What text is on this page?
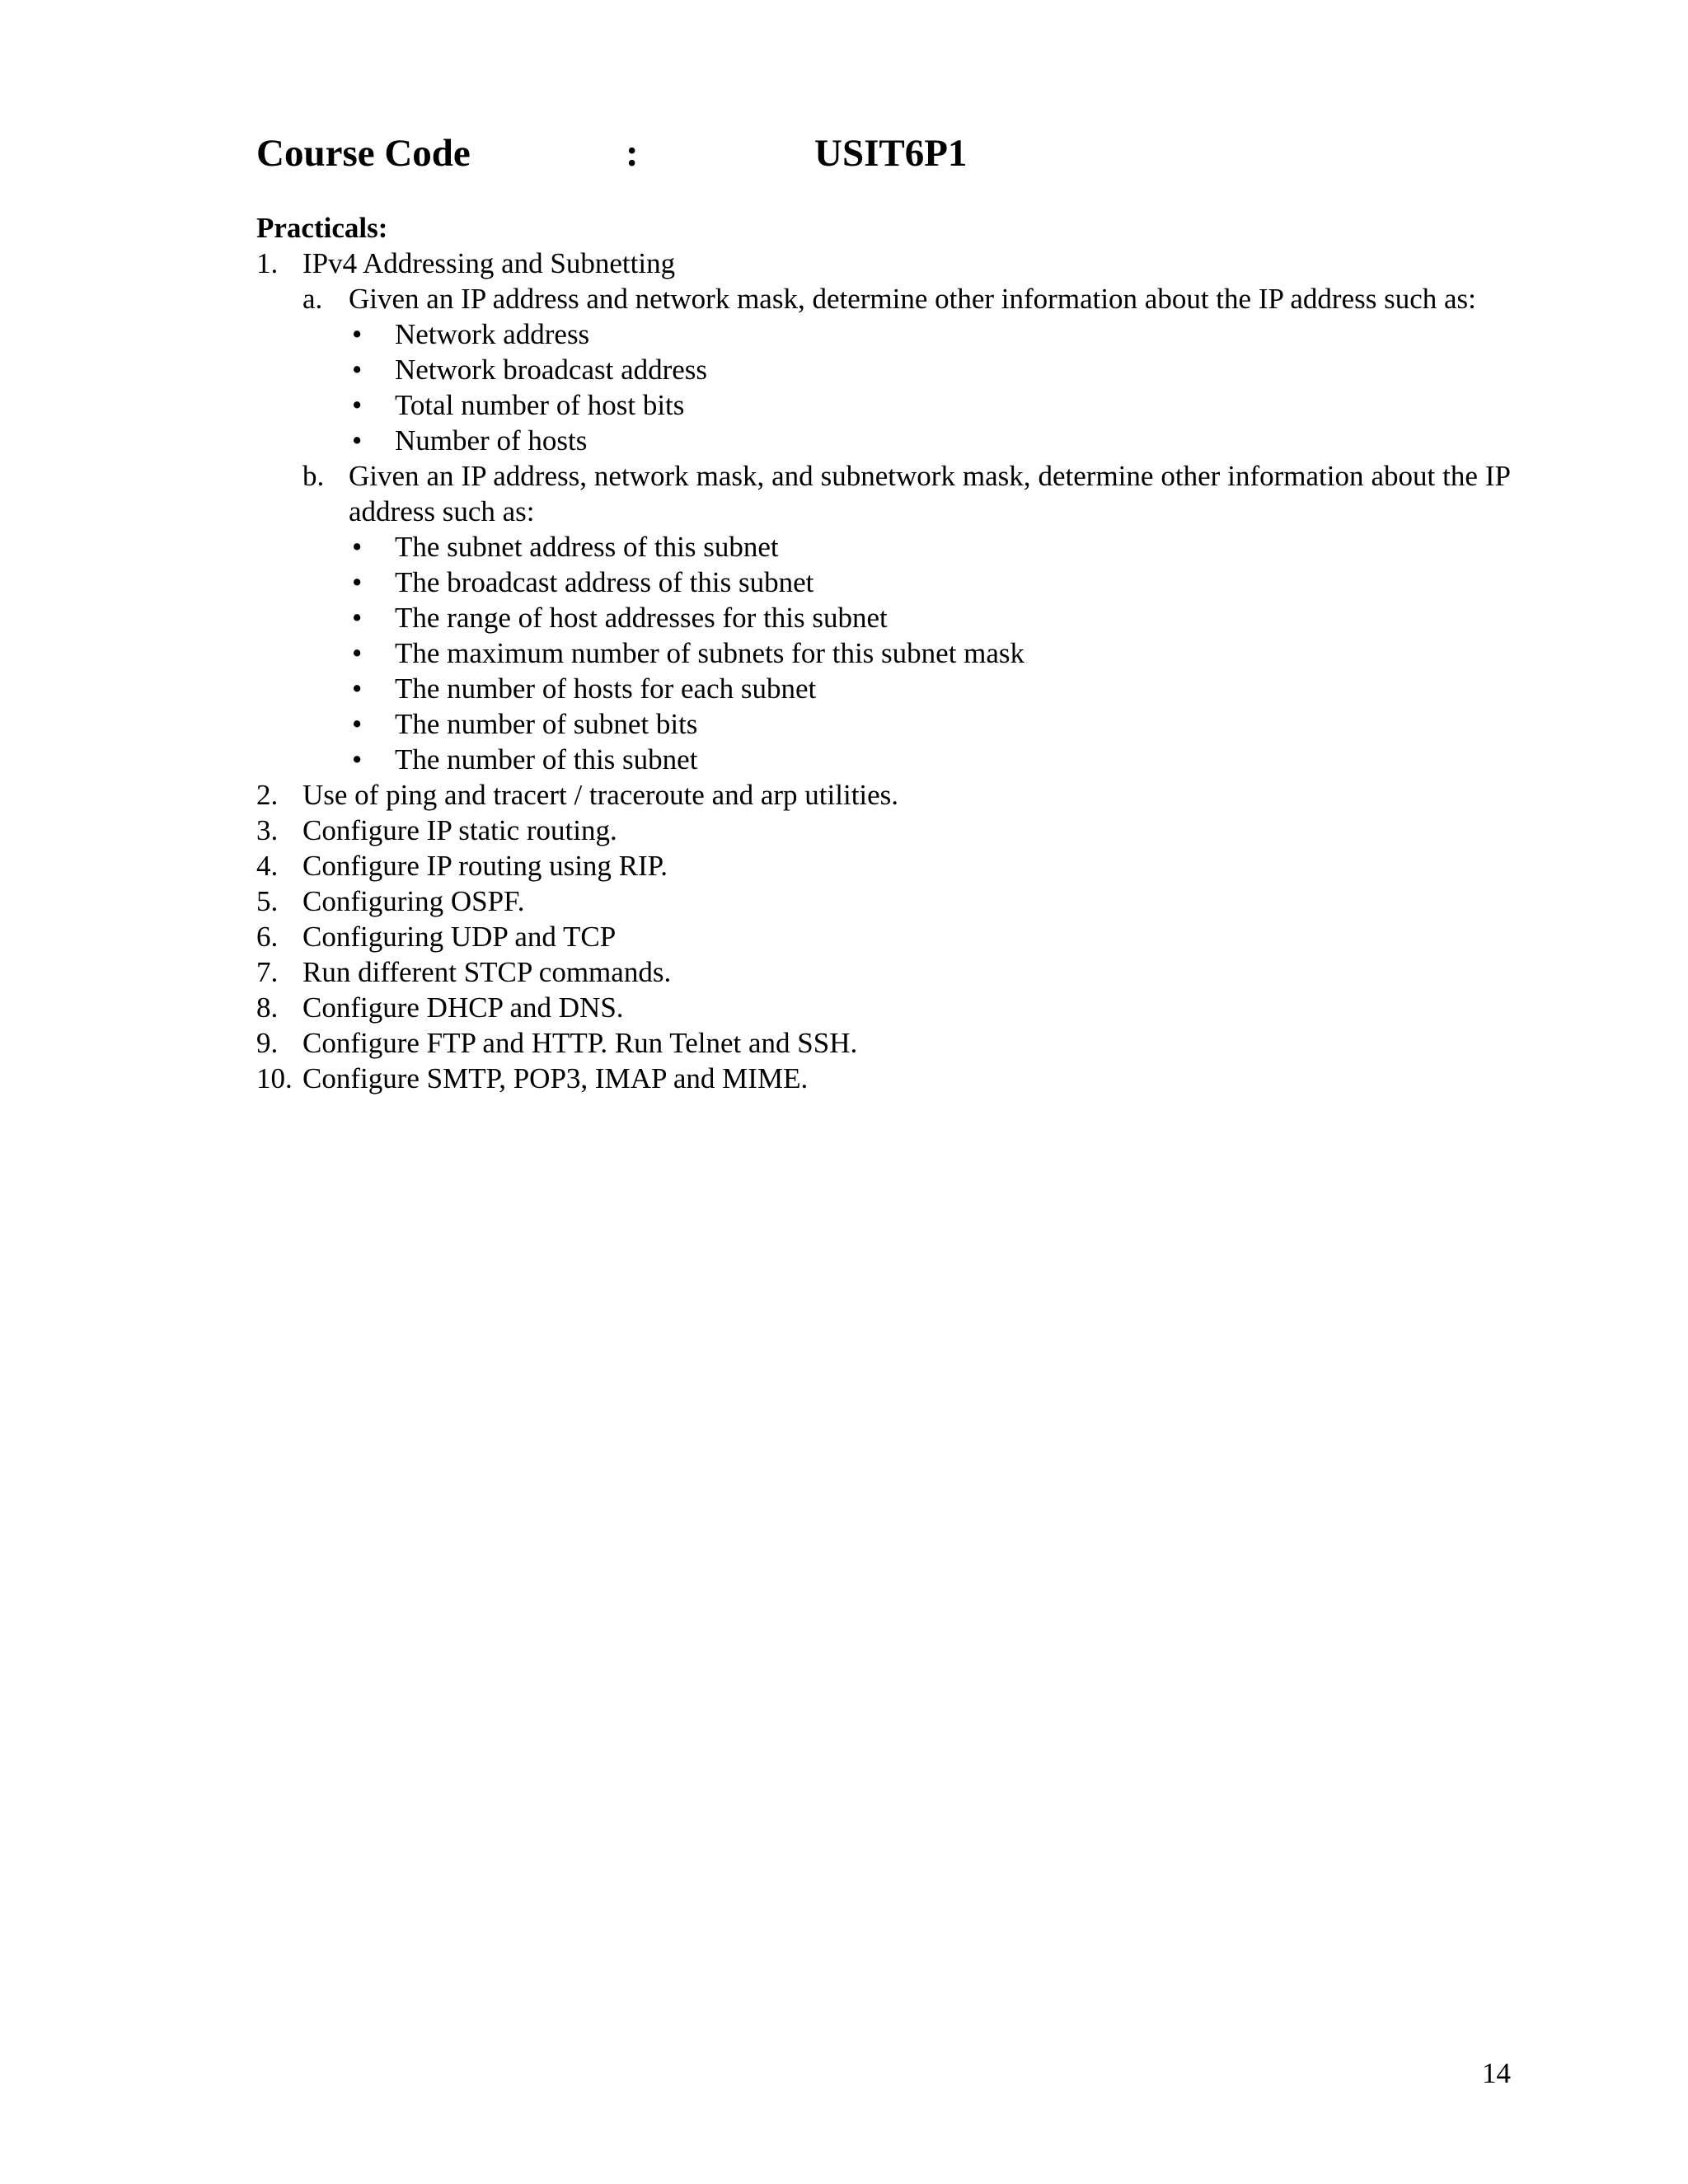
Course Code	:	USIT6P1

Practicals:

1. IPv4 Addressing and Subnetting
a. Given an IP address and network mask, determine other information about the IP address such as:
• Network address
• Network broadcast address
• Total number of host bits
• Number of hosts
b. Given an IP address, network mask, and subnetwork mask, determine other information about the IP address such as:
• The subnet address of this subnet
• The broadcast address of this subnet
• The range of host addresses for this subnet
• The maximum number of subnets for this subnet mask
• The number of hosts for each subnet
• The number of subnet bits
• The number of this subnet
2. Use of ping and tracert / traceroute and arp utilities.
3. Configure IP static routing.
4. Configure IP routing using RIP.
5. Configuring OSPF.
6. Configuring UDP and TCP
7. Run different STCP commands.
8. Configure DHCP and DNS.
9. Configure FTP and HTTP. Run Telnet and SSH.
10. Configure SMTP, POP3, IMAP and MIME.
14
